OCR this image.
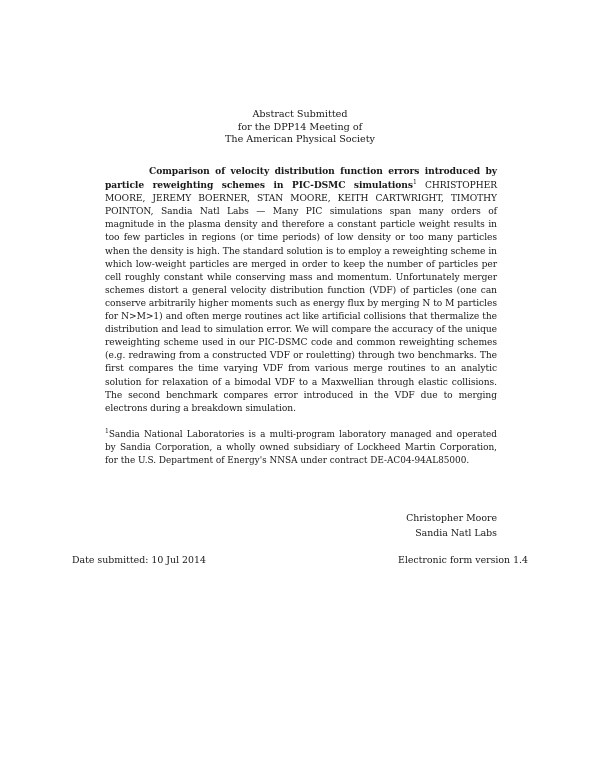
Abstract Submitted
for the DPP14 Meeting of
The American Physical Society
Comparison of velocity distribution function errors introduced by particle reweighting schemes in PIC-DSMC simulations$^1$ CHRISTOPHER MOORE, JEREMY BOERNER, STAN MOORE, KEITH CARTWRIGHT, TIMOTHY POINTON, Sandia Natl Labs — Many PIC simulations span many orders of magnitude in the plasma density and therefore a constant particle weight results in too few particles in regions (or time periods) of low density or too many particles when the density is high. The standard solution is to employ a reweighting scheme in which low-weight particles are merged in order to keep the number of particles per cell roughly constant while conserving mass and momentum. Unfortunately merger schemes distort a general velocity distribution function (VDF) of particles (one can conserve arbitrarily higher moments such as energy flux by merging N to M particles for N>M>1) and often merge routines act like artificial collisions that thermalize the distribution and lead to simulation error. We will compare the accuracy of the unique reweighting scheme used in our PIC-DSMC code and common reweighting schemes (e.g. redrawing from a constructed VDF or rouletting) through two benchmarks. The first compares the time varying VDF from various merge routines to an analytic solution for relaxation of a bimodal VDF to a Maxwellian through elastic collisions. The second benchmark compares error introduced in the VDF due to merging electrons during a breakdown simulation.
$^1$Sandia National Laboratories is a multi-program laboratory managed and operated by Sandia Corporation, a wholly owned subsidiary of Lockheed Martin Corporation, for the U.S. Department of Energy's NNSA under contract DE-AC04-94AL85000.
Christopher Moore
Sandia Natl Labs
Date submitted: 10 Jul 2014	Electronic form version 1.4
